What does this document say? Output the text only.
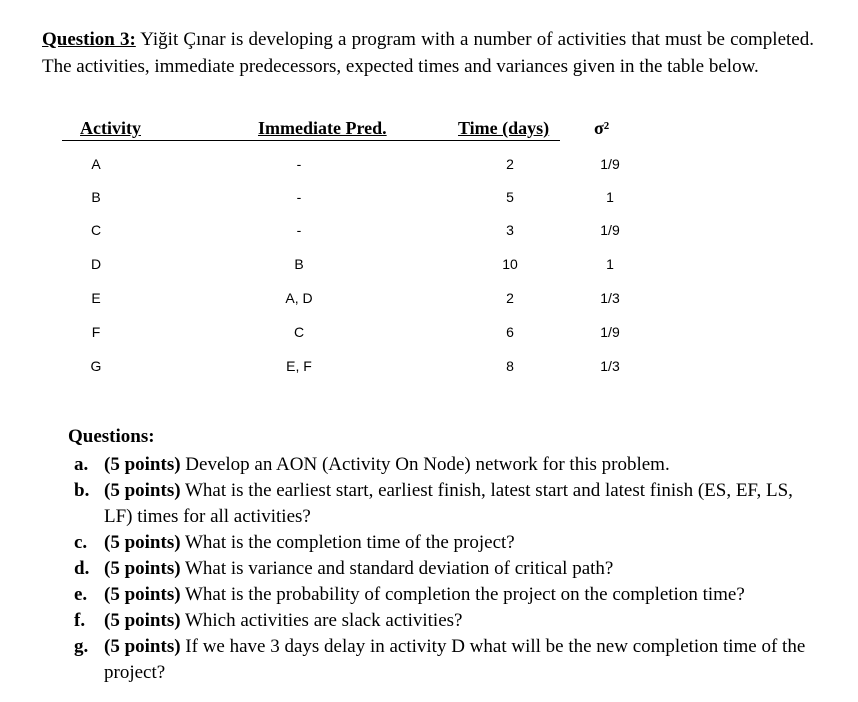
Question 3: Yiğit Çınar is developing a program with a number of activities that must be completed. The activities, immediate predecessors, expected times and variances given in the table below.
Activity	Immediate Pred.	Time (days) σ²
A	-	2	1/9
B	-	5	1
C	-	3	1/9
D	B	10	1
E	A, D	2	1/3
F	C	6	1/9
G	E, F	8	1/3
Questions:
a. (5 points) Develop an AON (Activity On Node) network for this problem.
b. (5 points) What is the earliest start, earliest finish, latest start and latest finish (ES, EF, LS, LF) times for all activities?
c. (5 points) What is the completion time of the project?
d. (5 points) What is variance and standard deviation of critical path?
e. (5 points) What is the probability of completion the project on the completion time?
f. (5 points) Which activities are slack activities?
g. (5 points) If we have 3 days delay in activity D what will be the new completion time of the project?
